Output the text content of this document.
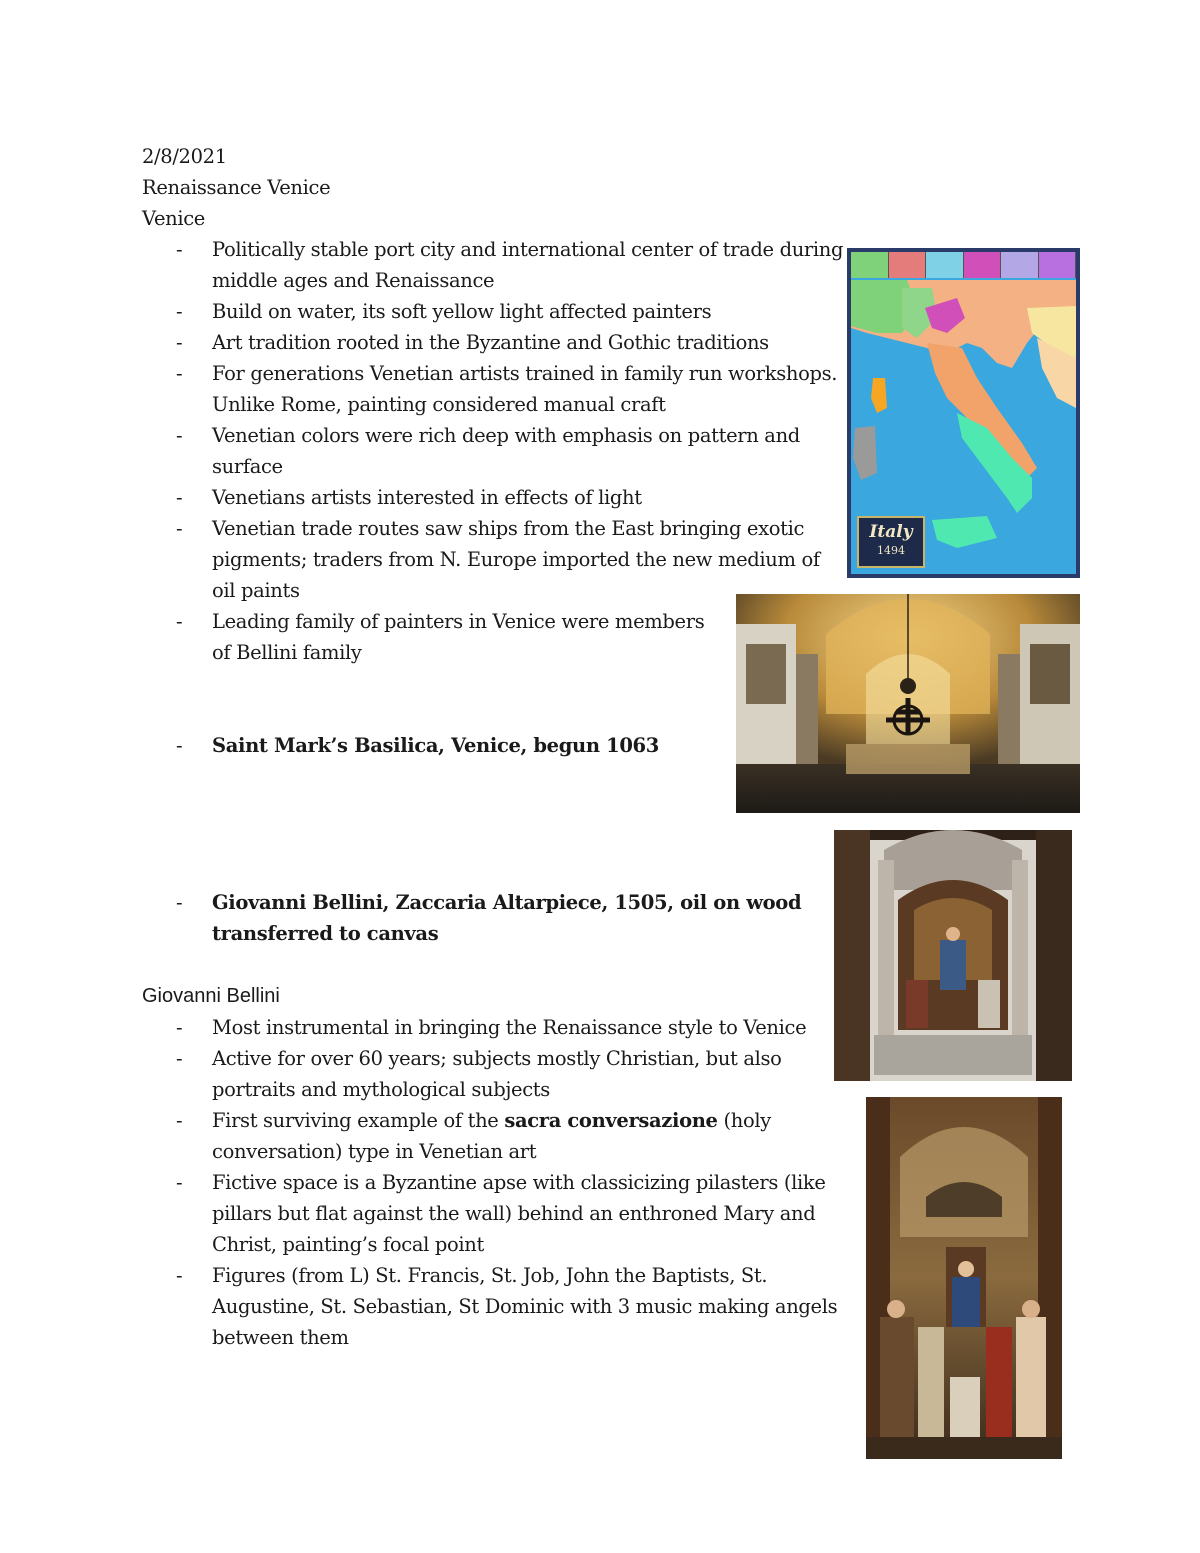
2/8/2021
Renaissance Venice
Venice
- Politically stable port city and international center of trade during
middle ages and Renaissance
- Build on water, its soft yellow light affected painters
- Art tradition rooted in the Byzantine and Gothic traditions
- For generations Venetian artists trained in family run workshops.
Unlike Rome, painting considered manual craft
- Venetian colors were rich deep with emphasis on pattern and
surface
- Venetians artists interested in effects of light
- Venetian trade routes saw ships from the East bringing exotic
pigments; traders from N. Europe imported the new medium of
oil paints
- Leading family of painters in Venice were members
of Bellini family
- Saint Mark’s Basilica, Venice, begun 1063
- Giovanni Bellini, Zaccaria Altarpiece, 1505, oil on wood
transferred to canvas
Giovanni Bellini
- Most instrumental in bringing the Renaissance style to Venice
- Active for over 60 years; subjects mostly Christian, but also
portraits and mythological subjects
- First surviving example of the sacra conversazione (holy
conversation) type in Venetian art
- Fictive space is a Byzantine apse with classicizing pilasters (like
pillars but flat against the wall) behind an enthroned Mary and
Christ, painting’s focal point
- Figures (from L) St. Francis, St. Job, John the Baptists, St.
Augustine, St. Sebastian, St Dominic with 3 music making angels
between them
Italy
1494
